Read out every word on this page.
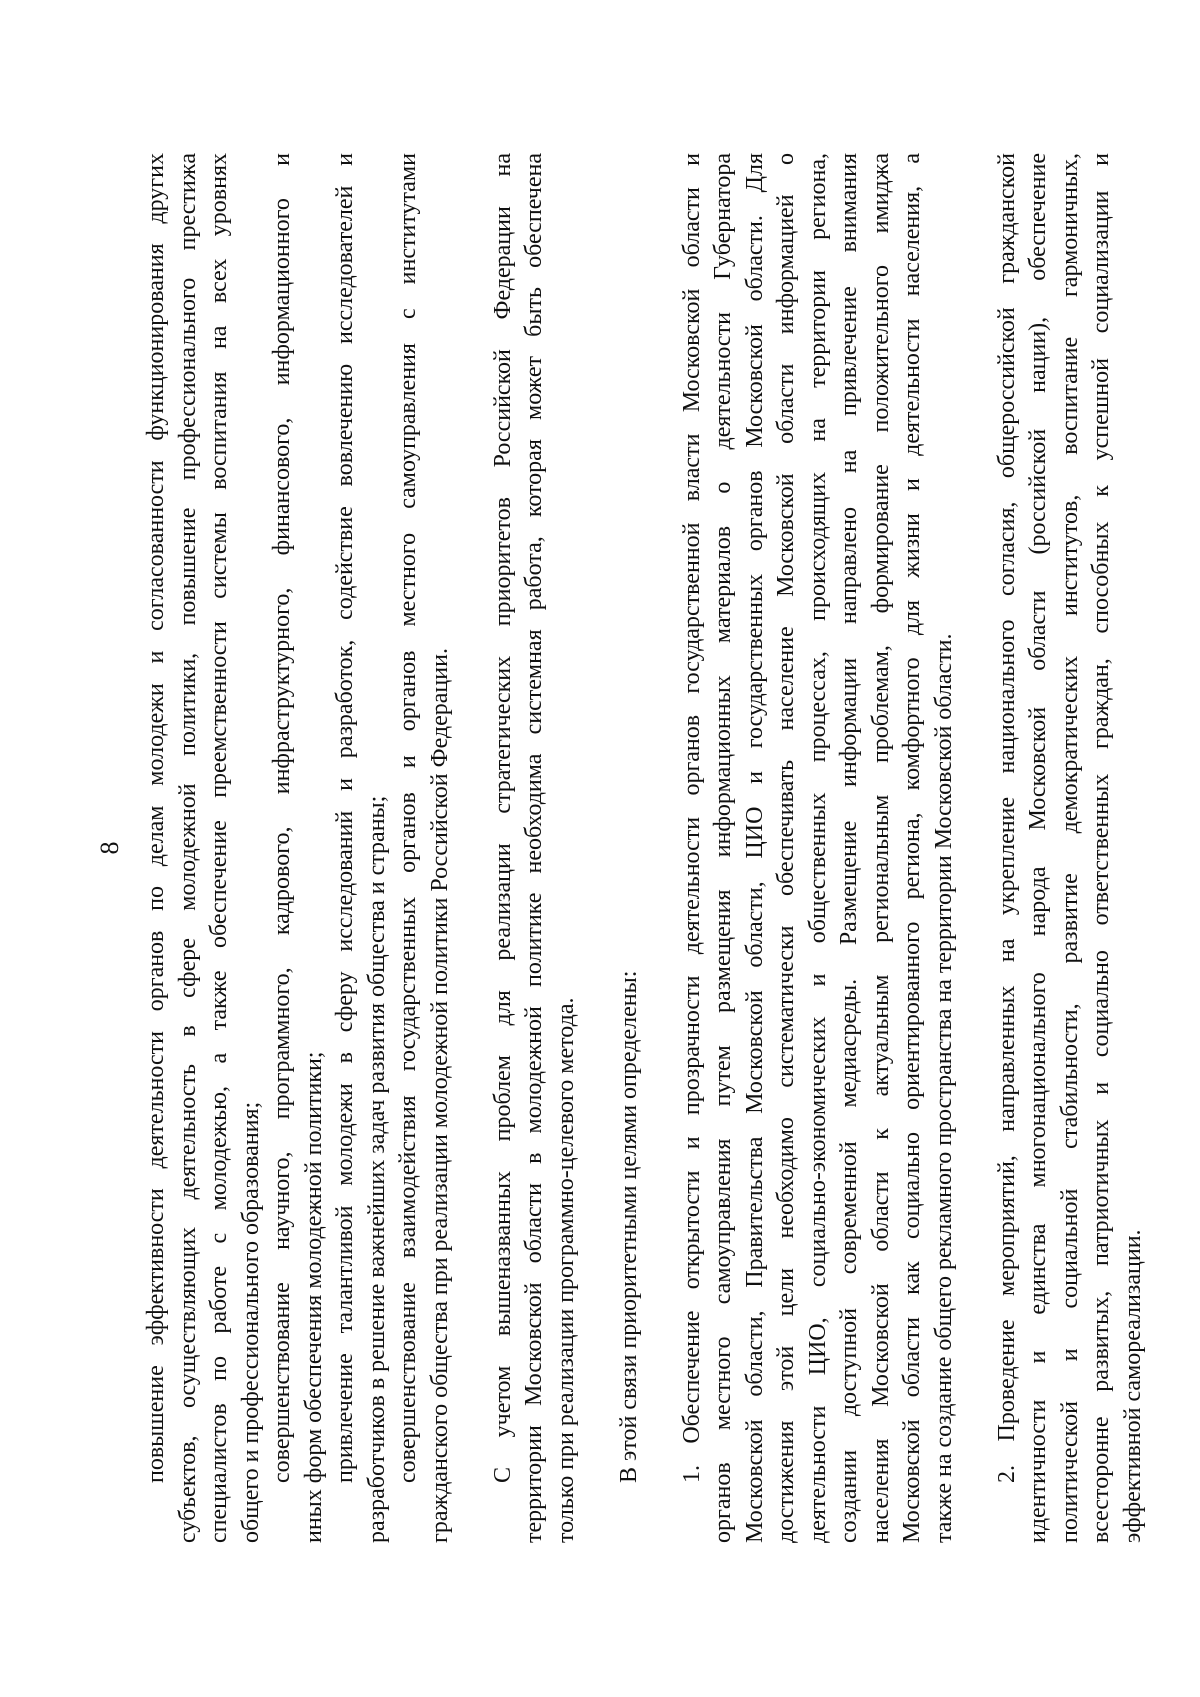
8 повышение эффективности деятельности органов по делам молодежи и согласованности функционирования других субъектов, осуществляющих деятельность в сфере молодежной политики, повышение профессионального престижа специалистов по работе с молодежью, а также обеспечение преемственности системы воспитания на всех уровнях общего и профессионального образования; совершенствование научного, программного, кадрового, инфраструктурного, финансового, информационного и иных форм обеспечения молодежной политики; привлечение талантливой молодежи в сферу исследований и разработок, содействие вовлечению исследователей и разработчиков в решение важнейших задач развития общества и страны; совершенствование взаимодействия государственных органов и органов местного самоуправления с институтами гражданского общества при реализации молодежной политики Российской Федерации. С учетом вышеназванных проблем для реализации стратегических приоритетов Российской Федерации на территории Московской области в молодежной политике необходима системная работа, которая может быть обеспечена только при реализации программно-целевого метода. В этой связи приоритетными целями определены: 1. Обеспечение открытости и прозрачности деятельности органов государственной власти Московской области и органов местного самоуправления путем размещения информационных материалов о деятельности Губернатора Московской области, Правительства Московской области, ЦИО и государственных органов Московской области. Для достижения этой цели необходимо систематически обеспечивать население Московской области информацией о деятельности ЦИО, социально-экономических и общественных процессах, происходящих на территории региона, создании доступной современной медиасреды. Размещение информации направлено на привлечение внимания населения Московской области к актуальным региональным проблемам, формирование положительного имиджа Московской области как социально ориентированного региона, комфортного для жизни и деятельности населения, а также на создание общего рекламного пространства на территории Московской области. 2. Проведение мероприятий, направленных на укрепление национального согласия, общероссийской гражданской идентичности и единства многонационального народа Московской области (российской нации), обеспечение политической и социальной стабильности, развитие демократических институтов, воспитание гармоничных, всесторонне развитых, патриотичных и социально ответственных граждан, способных к успешной социализации и эффективной самореализации.
